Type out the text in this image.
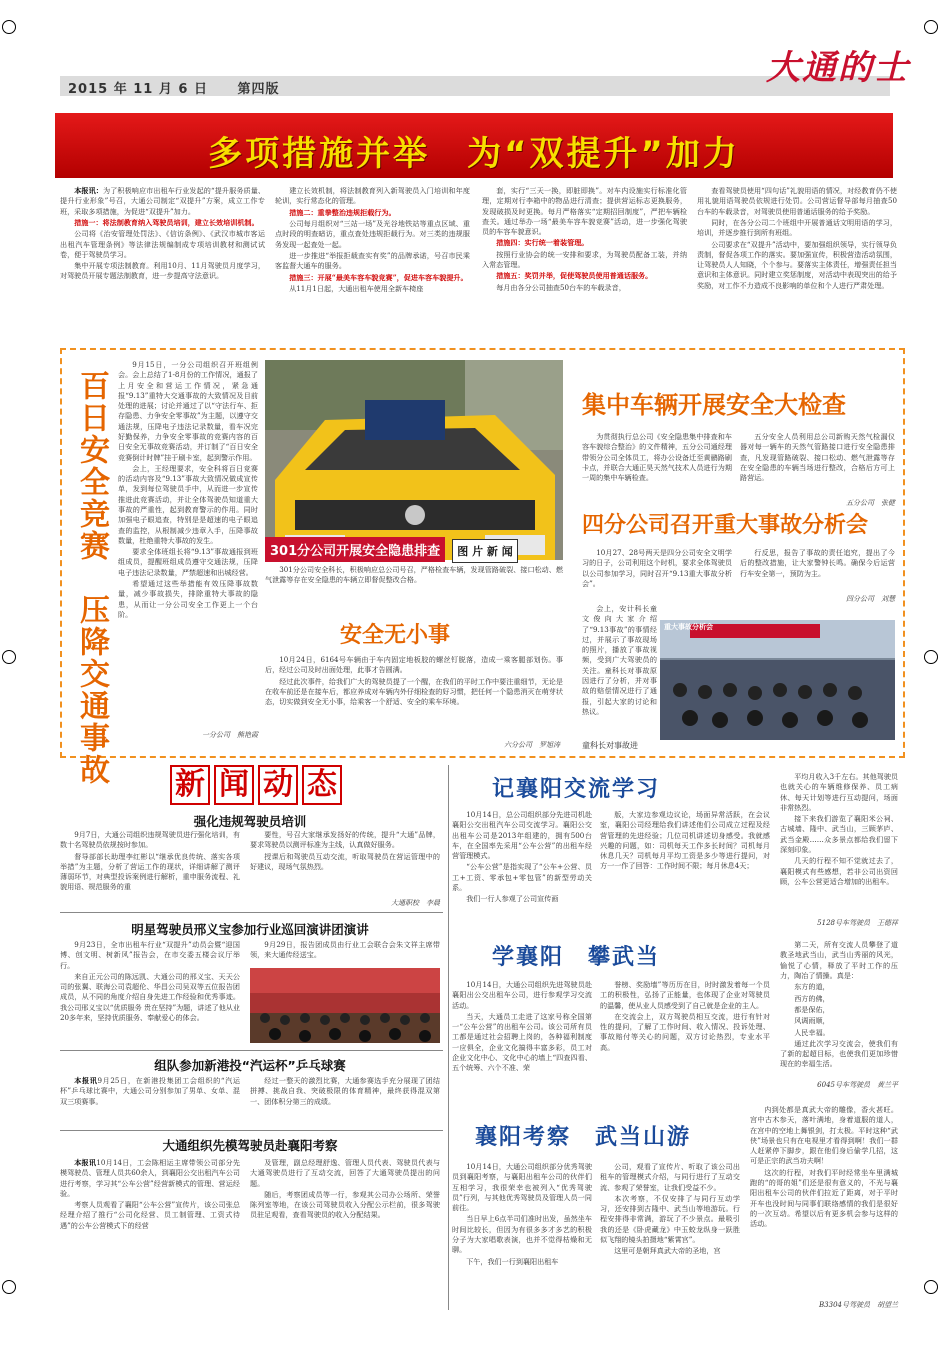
2015 年 11 月 6 日 第四版
大通的士
多项措施并举　为“双提升”加力

本报讯：为了积极响应市出租车行业发起的“提升服务质量、提升行业形象”号召，大通公司制定“双提升”方案，成立工作专班，采取多项措施，为促进“双提升”加力。

措施一：将法制教育纳入驾驶员培训，建立长效培训机制。

公司将《治安管理处罚法》、《信访条例》、《武汉市城市客运出租汽车管理条例》等法律法规编制成专项培训教材和测试试卷，便于驾驶员学习。

集中开展专项法制教育。利用10月、11月驾驶员月度学习，对驾驶员开展专题法制教育，进一步提高守法意识。

建立长效机制，将法制教育列入新驾驶员入门培训和年度轮训，实行常态化的管理。

措施二：重拳整治违规拒载行为。

公司每月组织对“三站一场”及光谷地铁站等重点区域、重点时段的明查暗访，重点查处违规拒载行为。对三类的违规服务发现一起查处一起。

进一步推进“举报拒载查实有奖”的品牌承诺，号召市民乘客监督大通车的服务。

措施三：开展“最美车容车貌竞赛”，促进车容车貌提升。

从11月1日起，大通出租车使用全新车椅座

套，实行“三天一换，即脏即换”。对车内设施实行标准化管理，定期对行李箱中的物品进行清查；提供营运标志更换服务，发现破损及时更换。每月严格落实“定期招回制度”，严把车辆检查关。通过举办一场“最美车容车貌竞赛”活动，进一步强化驾驶员的车容车貌意识。

措施四：实行统一着装管理。

按照行业协会的统一安排和要求，为驾驶员配备工装，并纳入常态管理。

措施五：奖罚并举，促使驾驶员使用普通话服务。

每月由各分公司抽查50台车的车载录音，

查看驾驶员使用“四句话”礼貌用语的情况，对经教育仍不使用礼貌用语驾驶员依规进行处罚。公司营运督导部每月抽查50台车的车载录音，对驾驶员使用普通话服务的给予奖励。

同时，在各分公司二个班组中开展普通话文明用语的学习，培训，并逐步推行到所有班组。

公司要求在“双提升”活动中，要加强组织领导，实行领导负责制，督促各项工作的落实。要加强宣传，积极营造活动氛围，让驾驶员人人知晓，个个参与。要落实主体责任，增强责任担当意识和主体意识。同时建立奖惩制度，对活动中表现突出的给予奖励，对工作不力造成不良影响的单位和个人进行严肃处理。

百日安全竞赛　压降交通事故

9月15日，一分公司组织召开班组例会。会上总结了1-8月份的工作情况，通报了上月安全和营运工作情况，紧急通报“9.13”重特大交通事故的大致情况及目前处理的进展；讨论并通过了以“守法行车、拒存隐患、力争安全零事故”为主题，以遵守交通法规，压降电子违法记录数量，看车况完好勤保养，力争安全零事故的竞赛内容的百日安全无事故竞赛活动，并订制了“百日安全竞赛倒计时牌”挂于刷卡室，起到警示作用。

会上，王经理要求，安全科将百日竞赛的活动内容及“9.13”事故大致情况做成宣传单，发到每位驾驶员手中，从而进一步宣传推进此竞赛活动，并让全体驾驶员知道重大事故的严重性，起到教育警示的作用。同时加强电子眼追查，特别是是超速的电子眼追查的监控，从根制减少违章入手，压降事故数量，杜绝重特大事故的发生。

要求全体班组长将“9.13”事故通报到班组成员，提醒班组成员遵守交通法规，压降电子违法记录数量，严禁超速和出城经营。

希望通过这些举措能有效压降事故数量，减少事故损失，排除重特大事故的隐患，从而让一分公司安全工作更上一个台阶。

一分公司　熊艳霞
301分公司开展安全隐患排查 图 片 新 闻

301分公司安全科长，积极响应总公司号召，严格检查车辆，发现管路破裂、接口松动、燃气泄露等存在安全隐患的车辆立即督促整改合格。

安全无小事

10月24日，6164号车辆由于车内固定地板胶的螺丝钉脱落，造成一乘客腿部划伤。事后，经过公司及时出面处理，此事才告圆满。

经过此次事件，给我们广大的驾驶员提了一个醒，在我们的平时工作中要注重细节，无论是在收车前还是在接车后，都应养成对车辆内外仔细检查的好习惯，把任何一个隐患消灭在萌芽状态，切实做到安全无小事，给乘客一个舒适、安全的乘车环境。

六分公司　罗旭涛
集中车辆开展安全大检查

为贯彻执行总公司《安全隐患集中排查和车容车貌综合整治》的文件精神，五分公司通经理带领分公司全体员工，将办公设备迁至黄鹂路刷卡点，并联合大通正昊天然气技术人员进行为期一周的集中车辆检查。

五分安全人员利用总公司新购天然气检漏仪器对每一辆车的天然气管路接口进行安全隐患排查，凡发现管路破裂、接口松动、燃气泄露等存在安全隐患的车辆当场进行整改，合格后方可上路营运。

五分公司　张健
四分公司召开重大事故分析会

10月27、28号两天是四分公司安全文明学习的日子，公司利用这个时机，要求全体驾驶员以公司参加学习，同时召开“9.13重大事故分析会”。

会上，安计科长童文俊向大家介绍了“9.13事故”的事情经过，并展示了事故现场的照片，播放了事故视频，受到广大驾驶员的关注。童科长对事故原因进行了分析，并对事故的赔偿情况进行了通报，引起大家的讨论和热议。

行反思，报告了事故的责任追究，提出了今后的整改措施，让大家警钟长鸣。确保今后运营行车安全第一，预防为主。

四分公司　刘慧
重大事故分析会
童科长对事故进
新 闻 动 态
强化违规驾驶员培训

9月7日，大通公司组织违规驾驶员进行强化培训，有数十名驾驶员依规按时参加。

督导部部长助理李红彬以“继承优良传统、落实各项举措”为主题，分析了营运工作的现状，详细讲解了测评薄弱环节，对典型投诉案例进行解析，重申服务流程、礼貌用语、规范服务的重

要性，号召大家继承发扬好的传统，提升“大通”品牌，要求驾驶员以测评标准为主线，认真做好服务。

授课后和驾驶员互动交流，听取驾驶员在营运管理中的好建议，现场气氛热烈。

大通职校　李晨
明星驾驶员邢义宝参加行业巡回演讲团演讲

9月23日，全市出租车行业“双提升”动员会暨“迎国博、创文明、树新风”报告会，在市交委五楼会议厅举行。

来自正元公司的陈远凯、大通公司的邢义宝、天天公司的张翼、联海公司袁超伦、华昌公司吴双等五位报告团成员，从不同的角度介绍自身先进工作经验和优秀事迹。我公司邢义宝以“优质服务 贵在坚持”为题，讲述了他从业20多年来，坚持优质服务、奉献爱心的体会。

9月29日，报告团成员由行业工会联合会朱文祥主席带领，来大通传经送宝。

组队参加新港投“汽运杯”乒乓球赛

本报讯9月25日，在新港投集团工会组织的“汽运杯”乒乓球比赛中，大通公司分别参加了男单、女单、混双三项赛事。

经过一整天的激烈比赛，大通参赛选手充分展现了团结拼搏、挑战自我、突破极限的体育精神，最终获得混双第一、团体积分第三的成绩。

大通组织先模驾驶员赴襄阳考察

本报讯10月14日，工会陈相运主席带领公司部分先模驾驶员、管理人员共60余人，到襄阳公交出租汽车公司进行考察，学习其“公车公营”经营新模式的管理、营运经验。

考察人员观看了襄阳“公车公营”宣传片，该公司张总经理介绍了推行“公司化经营、员工制管理、工资式待遇”的公车公营模式下的经营

及管理，副总经理舒逸、管理人员代表、驾驶员代表与大通驾驶员进行了互动交流，回答了大通驾驶员提出的问题。

随后，考察团成员等一行，参观其公司办公场所、荣誉陈列室等地，在该公司驾驶员收入分配公示栏前，很多驾驶员驻足观看，查看驾驶员的收入分配结果。

记襄阳交流学习

10月14日，总公司组织部分先进司机赴襄阳公交出租汽车公司交流学习。襄阳公交出租车公司是2013年组建的，拥有500台车，在全国率先采用“公车公营”的出租车经营管理模式。

“公车公营”是指实现了“公车+公营、员工+工资、零承包+零包管”的新型劳动关系。

我们一行人参观了公司宣传画

版，大家边参观边议论，场面异常活跃，在会议室，襄阳公司经理给我们讲述他们公司成立过程及经营管理的先进经验；几位司机讲述切身感受。我就感兴趣的问题，如：司机每天工作多长时间？司机每月休息几天？司机每月平均工资是多少等进行提问，对方一一作了回答：工作时间不限；每月休息4天；

平均月收入3千左右。其他驾驶员也就关心的车辆维修保养、员工病休、每天计划等进行互动提问，场面非常热烈。

接下来我们游览了襄阳米公祠、古城墙、隆中、武当山，三顾茅庐、武当金殿……众多景点都给我们留下深刻印象。

几天的行程不知不觉就过去了，襄阳模式有些感想，若非公司出资回顾，公车公营更适合增加的出租车。

5128号车驾驶员　王德祥
学襄阳　攀武当

10月14日，大通公司组织先进驾驶员赴襄阳出公交出租车公司，进行参观学习交流活动。

当天，大通员工走进了这家号称全国第一“公车公营”的出租车公司。该公司所有员工都是通过社会招聘上岗的，各种福利制度一应俱全，企业文化搞得丰富多彩，员工对企业文化中心、文化中心的墙上“四查四看、五个统筹、六个不准、荣

誉榜、奖励墙”等历历在目，时时激发着每一个员工的积极性，弘扬了正能量，也体现了企业对驾驶员的温馨，使从业人员感受到了自己就是企业的主人。

在交流会上，双方驾驶员相互交流，进行有针对性的提问，了解了工作时间、收入情况、投诉处理、事故赔付等关心的问题，双方讨论热烈，专业水平高。

第二天，所有交流人员攀登了道教圣地武当山，武当山秀丽的风光，愉悦了心情，释放了平时工作的压力，陶冶了情操。真是：

东方的道，

西方的佛，

都是保佑，

风调雨顺，

人民幸福。

通过此次学习交流会，使我们有了新的起超目标，也使我们更加珍惜现在的幸福生活。

6045号车驾驶员　黄兰平
襄阳考察　武当山游

10月14日，大通公司组织部分优秀驾驶员到襄阳考察，与襄阳出租车公司的伙伴们互相学习，我很荣幸也被列入“优秀驾驶员”行列，与其他优秀驾驶员及管理人员一同前往。

当日早上6点半司们准时出发，虽然坐车时间比较长，但因为有很多多才多艺的积极分子为大家唱歌表演，也并不觉得枯燥和无聊。

下午，我们一行到襄阳出租车

公司，观看了宣传片、听取了该公司出租车的管理模式介绍，与同行进行了互动交流、参观了荣誉室，让我们受益不少。

本次考察，不仅安排了与同行互动学习，还安排到古隆中、武当山等地游玩。行程安排得非常满，游玩了不少景点。最吸引我的还是《卧虎藏龙》中玉蛟龙纵身一跃胜似飞翔的镜头拍摄地“紫霄宫”。

这里可是朝拜真武大帝的圣地，宫

内到处都是真武大帝的雕像，香火甚旺。宫中古木参天，落叶满地，身着道服的道人，在宫中的空地上舞银剑，打太极。平时这种“武侠”场景也只有在电视里才看得到啊！我们一群人赶紧停下脚步，跟在他们身后偷学几招，这可是正宗的武当功夫啊！

这次的行程，对我们平时经常坐车里满城跑的“的哥的姐”们还是很有意义的，不光与襄阳出租车公司的伙伴们拉近了距离，对于平时开车也没时间与同事们联络感情的我们是很好的一次互动。希望以后有更多机会参与这样的活动。

B3304号驾驶员　胡望兰
